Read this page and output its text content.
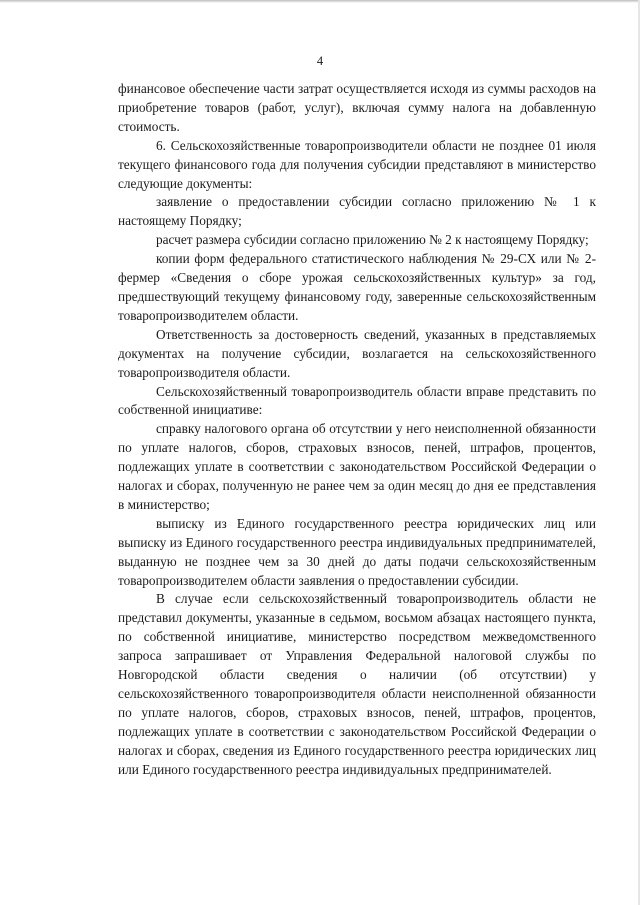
4

финансовое обеспечение части затрат осуществляется исходя из суммы расходов на приобретение товаров (работ, услуг), включая сумму налога на добавленную стоимость.

6. Сельскохозяйственные товаропроизводители области не позднее 01 июля текущего финансового года для получения субсидии представляют в министерство следующие документы:

заявление о предоставлении субсидии согласно приложению № 1 к настоящему Порядку;

расчет размера субсидии согласно приложению № 2 к настоящему Порядку;

копии форм федерального статистического наблюдения № 29-СХ или № 2-фермер «Сведения о сборе урожая сельскохозяйственных культур» за год, предшествующий текущему финансовому году, заверенные сельскохозяйственным товаропроизводителем области.

Ответственность за достоверность сведений, указанных в представляемых документах на получение субсидии, возлагается на сельскохозяйственного товаропроизводителя области.

Сельскохозяйственный товаропроизводитель области вправе представить по собственной инициативе:

справку налогового органа об отсутствии у него неисполненной обязанности по уплате налогов, сборов, страховых взносов, пеней, штрафов, процентов, подлежащих уплате в соответствии с законодательством Российской Федерации о налогах и сборах, полученную не ранее чем за один месяц до дня ее представления в министерство;

выписку из Единого государственного реестра юридических лиц или выписку из Единого государственного реестра индивидуальных предпринимателей, выданную не позднее чем за 30 дней до даты подачи сельскохозяйственным товаропроизводителем области заявления о предоставлении субсидии.

В случае если сельскохозяйственный товаропроизводитель области не представил документы, указанные в седьмом, восьмом абзацах настоящего пункта, по собственной инициативе, министерство посредством межведомственного запроса запрашивает от Управления Федеральной налоговой службы по Новгородской области сведения о наличии (об отсутствии) у сельскохозяйственного товаропроизводителя области неисполненной обязанности по уплате налогов, сборов, страховых взносов, пеней, штрафов, процентов, подлежащих уплате в соответствии с законодательством Российской Федерации о налогах и сборах, сведения из Единого государственного реестра юридических лиц или Единого государственного реестра индивидуальных предпринимателей.
